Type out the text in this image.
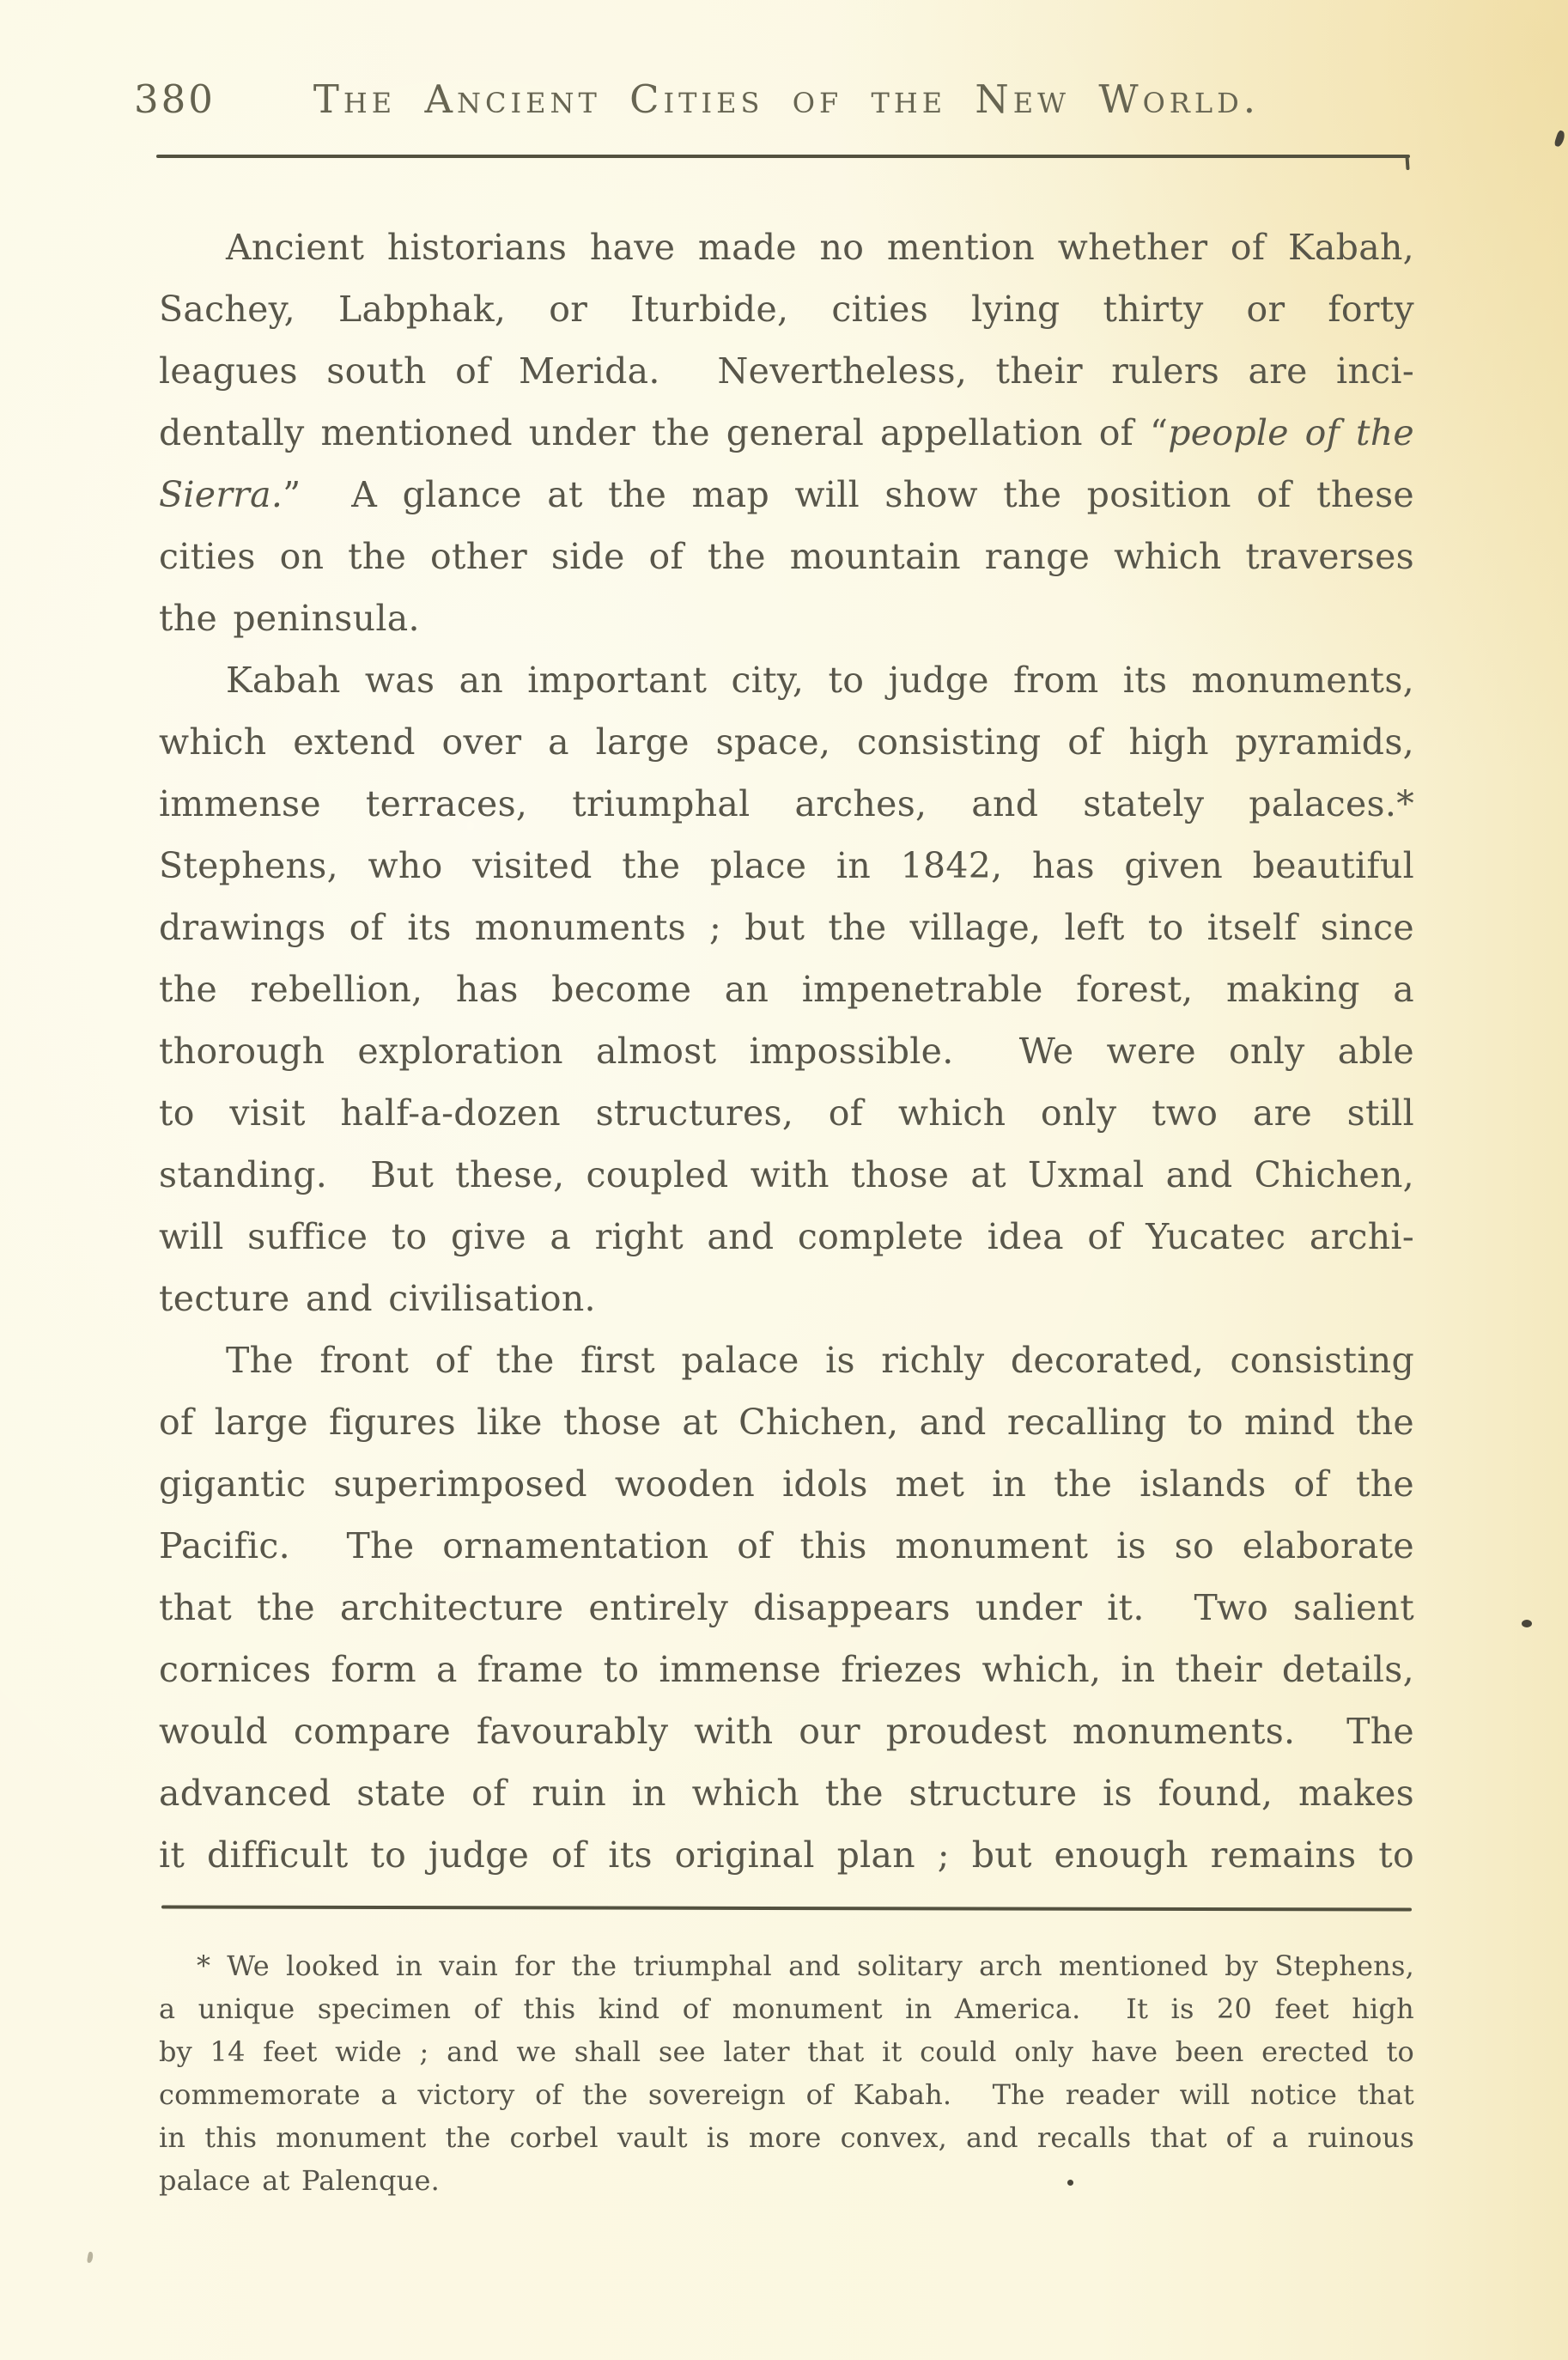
380	The Ancient Cities of the New World.
Ancient historians have made no mention whether of Kabah,
Sachey, Labphak, or Iturbide, cities lying thirty or forty
leagues south of Merida.  Nevertheless, their rulers are inci-
dentally mentioned under the general appellation of “people of the
Sierra.”  A glance at the map will show the position of these
cities on the other side of the mountain range which traverses
the peninsula.
Kabah was an important city, to judge from its monuments,
which extend over a large space, consisting of high pyramids,
immense terraces, triumphal arches, and stately palaces.*
Stephens, who visited the place in 1842, has given beautiful
drawings of its monuments ; but the village, left to itself since
the rebellion, has become an impenetrable forest, making a
thorough exploration almost impossible.  We were only able
to visit half-a-dozen structures, of which only two are still
standing.  But these, coupled with those at Uxmal and Chichen,
will suffice to give a right and complete idea of Yucatec archi-
tecture and civilisation.
The front of the first palace is richly decorated, consisting
of large figures like those at Chichen, and recalling to mind the
gigantic superimposed wooden idols met in the islands of the
Pacific.  The ornamentation of this monument is so elaborate
that the architecture entirely disappears under it.  Two salient
cornices form a frame to immense friezes which, in their details,
would compare favourably with our proudest monuments.  The
advanced state of ruin in which the structure is found, makes
it difficult to judge of its original plan ; but enough remains to
* We looked in vain for the triumphal and solitary arch mentioned by Stephens,
a unique specimen of this kind of monument in America.  It is 20 feet high
by 14 feet wide ; and we shall see later that it could only have been erected to
commemorate a victory of the sovereign of Kabah.  The reader will notice that
in this monument the corbel vault is more convex, and recalls that of a ruinous
palace at Palenque.
